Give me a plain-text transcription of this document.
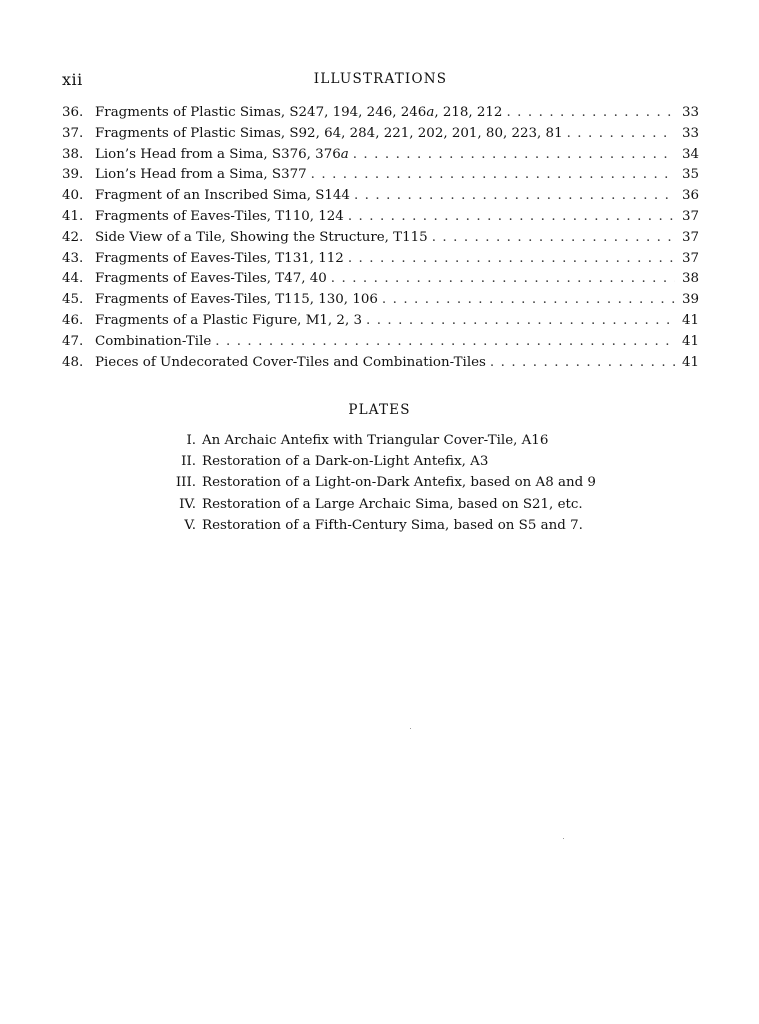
xii	ILLUSTRATIONS
36. Fragments of Plastic Simas, S247, 194, 246, 246a, 218, 212 . . .	33
37. Fragments of Plastic Simas, S92, 64, 284, 221, 202, 201, 80, 223, 81 . . .	33
38. Lion’s Head from a Sima, S376, 376a . . .	34
39. Lion’s Head from a Sima, S377 . . .	35
40. Fragment of an Inscribed Sima, S144 . . .	36
41. Fragments of Eaves-Tiles, T110, 124 . . .	37
42. Side View of a Tile, Showing the Structure, T115 . . .	37
43. Fragments of Eaves-Tiles, T131, 112 . . .	37
44. Fragments of Eaves-Tiles, T47, 40 . . .	38
45. Fragments of Eaves-Tiles, T115, 130, 106 . . .	39
46. Fragments of a Plastic Figure, M1, 2, 3 . . .	41
47. Combination-Tile . . .	41
48. Pieces of Undecorated Cover-Tiles and Combination-Tiles . . .	41
PLATES
I. An Archaic Antefix with Triangular Cover-Tile, A16
II. Restoration of a Dark-on-Light Antefix, A3
III. Restoration of a Light-on-Dark Antefix, based on A8 and 9
IV. Restoration of a Large Archaic Sima, based on S21, etc.
V. Restoration of a Fifth-Century Sima, based on S5 and 7.
